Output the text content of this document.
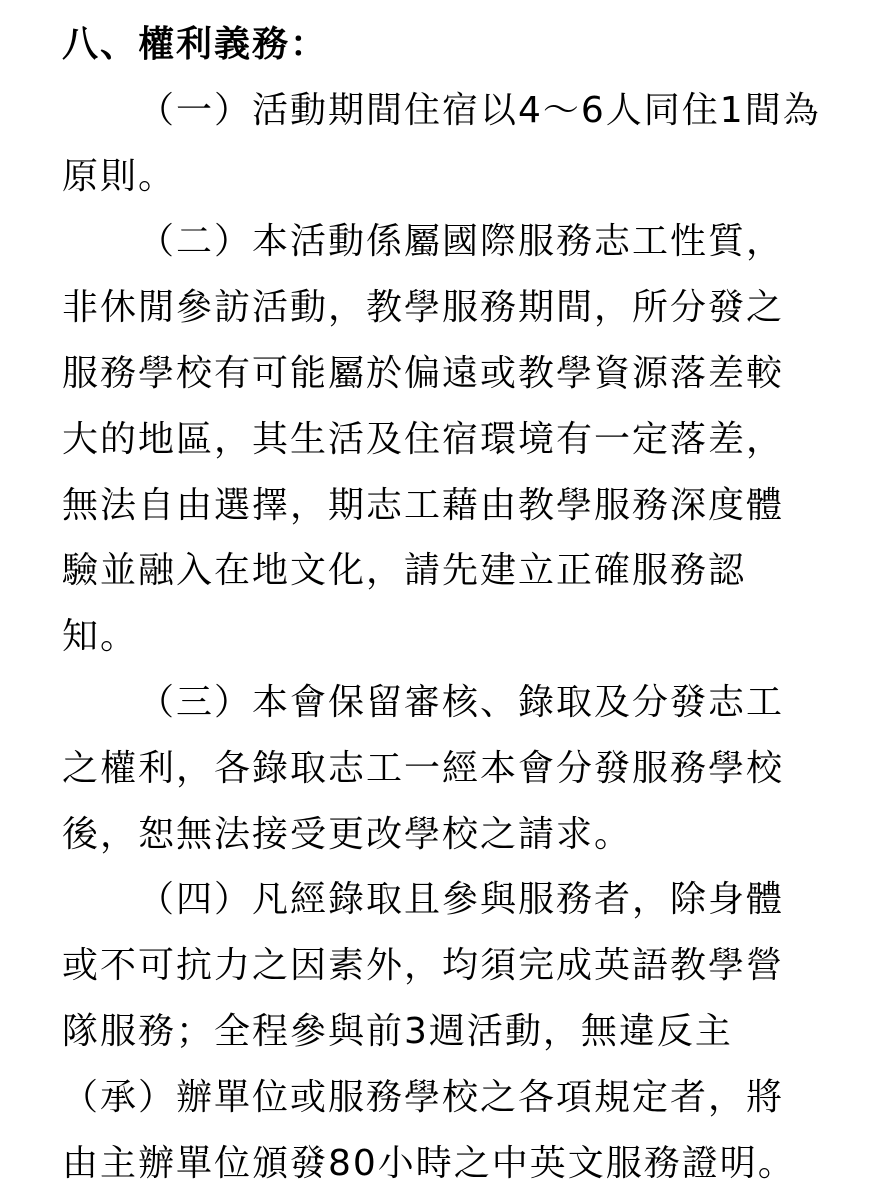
八、權利義務：
（一）活動期間住宿以4～6人同住1間為
原則。
（二）本活動係屬國際服務志工性質，
非休閒參訪活動，教學服務期間，所分發之
服務學校有可能屬於偏遠或教學資源落差較
大的地區，其生活及住宿環境有一定落差，
無法自由選擇，期志工藉由教學服務深度體
驗並融入在地文化，請先建立正確服務認
知。
（三）本會保留審核、錄取及分發志工
之權利，各錄取志工一經本會分發服務學校
後，恕無法接受更改學校之請求。
（四）凡經錄取且參與服務者，除身體
或不可抗力之因素外，均須完成英語教學營
隊服務；全程參與前3週活動，無違反主
（承）辦單位或服務學校之各項規定者，將
由主辦單位頒發80小時之中英文服務證明。
